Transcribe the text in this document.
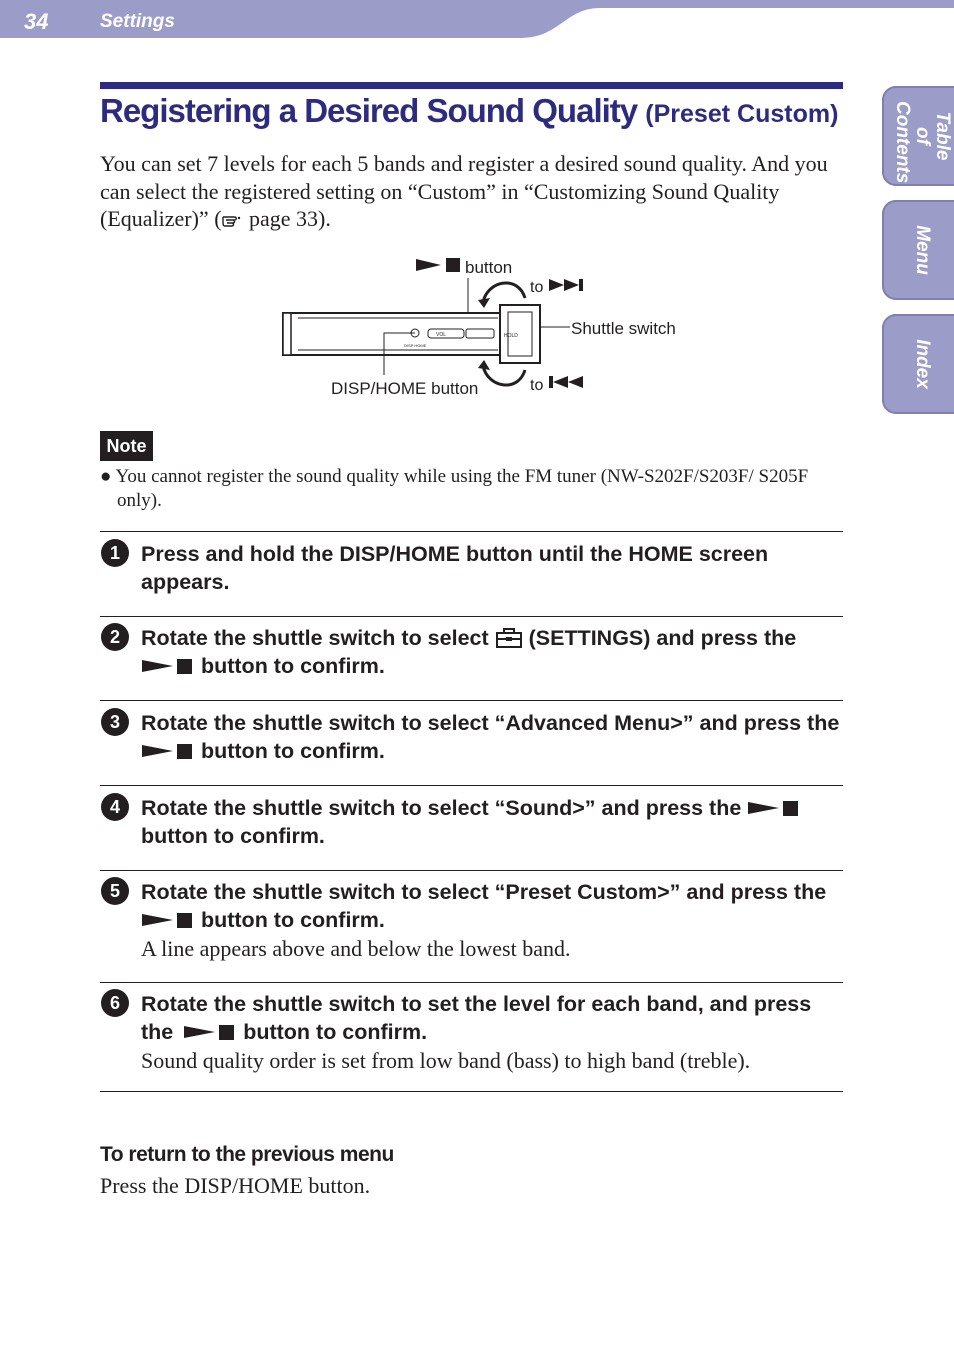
34	Settings
Table of Contents
Menu
Index
Registering a Desired Sound Quality (Preset Custom)
You can set 7 levels for each 5 bands and register a desired sound quality. And you can select the registered setting on “Custom” in “Customizing Sound Quality (Equalizer)” ( page 33).
button
to
DISP HOME
VOL	HOLD	Shuttle switch
DISP/HOME button	to
Note
● You cannot register the sound quality while using the FM tuner (NW-S202F/S203F/ S205F only).
1 Press and hold the DISP/HOME button until the HOME screen appears.
2 Rotate the shuttle switch to select  (SETTINGS) and press the
button to confirm.
3 Rotate the shuttle switch to select “Advanced Menu>” and press the
button to confirm.
4 Rotate the shuttle switch to select “Sound>” and press the
button to confirm.
5 Rotate the shuttle switch to select “Preset Custom>” and press the
button to confirm.
A line appears above and below the lowest band.
6 Rotate the shuttle switch to set the level for each band, and press the	button to confirm.
Sound quality order is set from low band (bass) to high band (treble).
To return to the previous menu
Press the DISP/HOME button.
